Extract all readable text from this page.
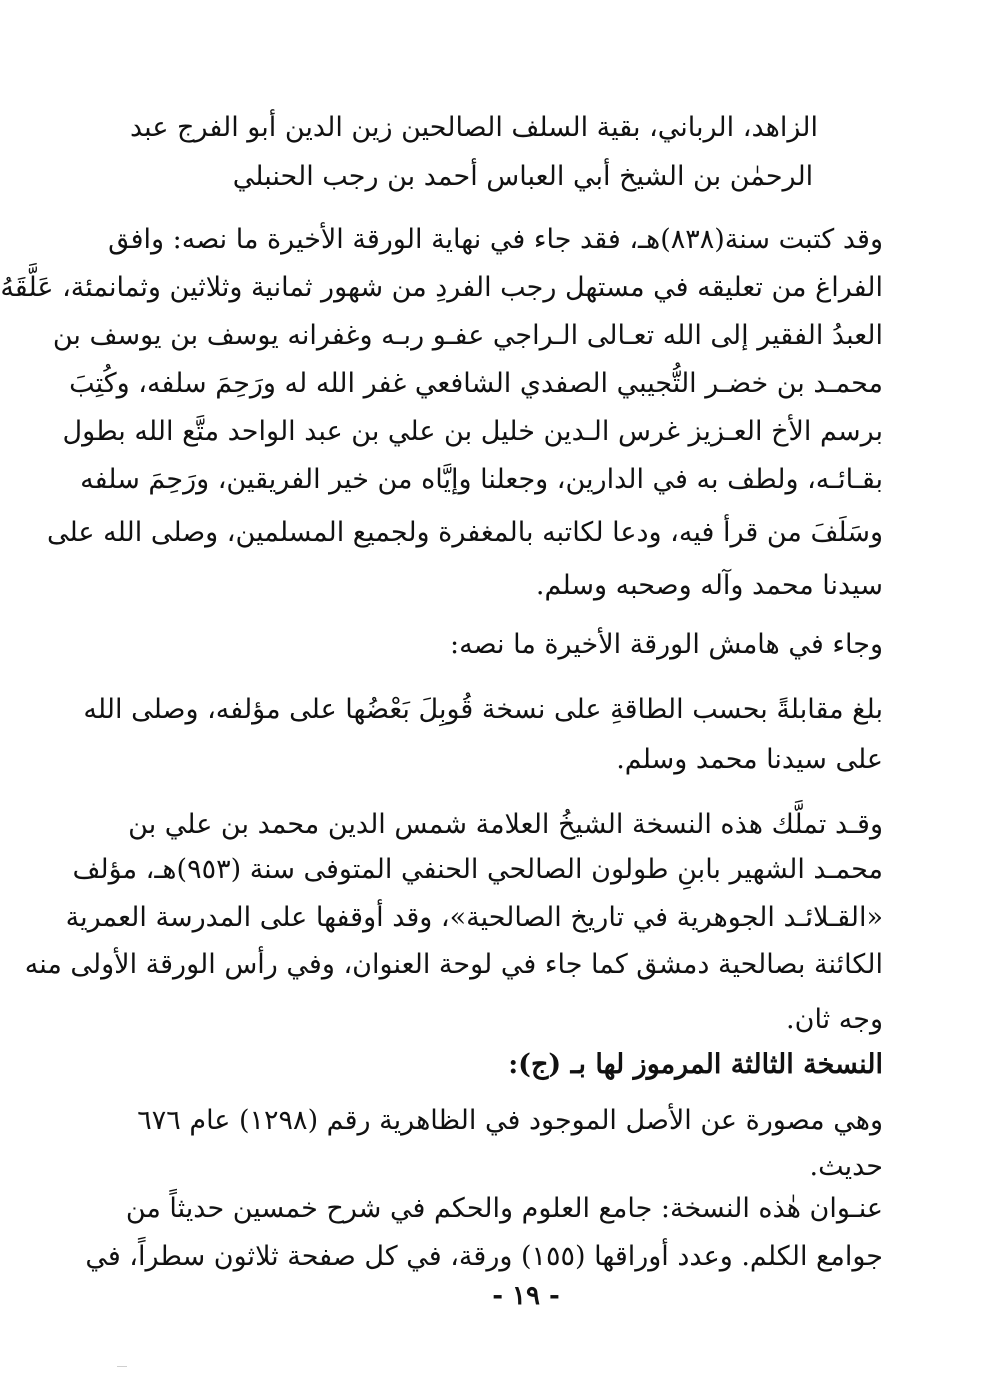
الزاهد، الرباني، بقية السلف الصالحين زين الدين أبو الفرج عبد
الرحمٰن بن الشيخ أبي العباس أحمد بن رجب الحنبلي
وقد كتبت سنة(٨٣٨)هـ، فقد جاء في نهاية الورقة الأخيرة ما نصه: وافق
الفراغ من تعليقه في مستهل رجب الفردِ من شهور ثمانية وثلاثين وثمانمئة، عَلَّقَهُ
العبدُ الفقير إلى الله تعـالى الـراجي عفـو ربـه وغفرانه يوسف بن يوسف بن
محمـد بن خضـر التُّجيبي الصفدي الشافعي غفر الله له ورَحِمَ سلفه، وكُتِبَ
برسم الأخ العـزيز غرس الـدين خليل بن علي بن عبد الواحد متَّع الله بطول
بقـائـه، ولطف به في الدارين، وجعلنا وإيَّاه من خير الفريقين، ورَحِمَ سلفه
وسَلَفَ من قرأ فيه، ودعا لكاتبه بالمغفرة ولجميع المسلمين، وصلى الله على
سيدنا محمد وآله وصحبه وسلم.
وجاء في هامش الورقة الأخيرة ما نصه:
بلغ مقابلةً بحسب الطاقةِ على نسخة قُوبِلَ بَعْضُها على مؤلفه، وصلى الله
على سيدنا محمد وسلم.
وقـد تملَّك هذه النسخة الشيخُ العلامة شمس الدين محمد بن علي بن
محمـد الشهير بابنِ طولون الصالحي الحنفي المتوفى سنة (٩٥٣)هـ، مؤلف
«القـلائـد الجوهرية في تاريخ الصالحية»، وقد أوقفها على المدرسة العمرية
الكائنة بصالحية دمشق كما جاء في لوحة العنوان، وفي رأس الورقة الأولى منه
وجه ثان.
النسخة الثالثة المرموز لها بـ (ج):
وهي مصورة عن الأصل الموجود في الظاهرية رقم (١٢٩٨) عام ٦٧٦
حديث.
عنـوان هٰذه النسخة: جامع العلوم والحكم في شرح خمسين حديثاً من
جوامع الكلم. وعدد أوراقها (١٥٥) ورقة، في كل صفحة ثلاثون سطراً، في
- ١٩ -
